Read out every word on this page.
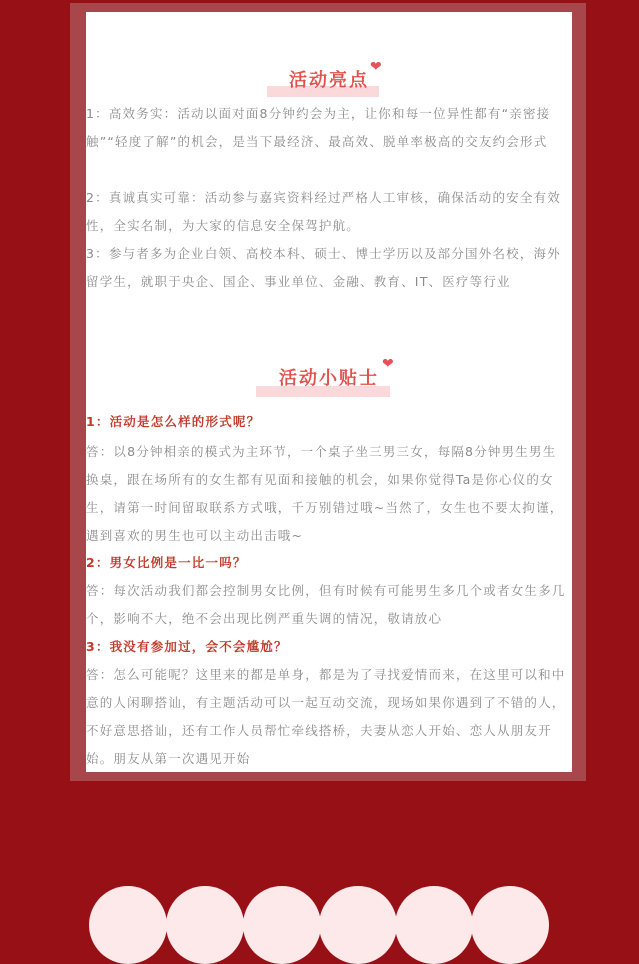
活动亮点
❤
1：高效务实：活动以面对面8分钟约会为主，让你和每一位异性都有“亲密接触”“轻度了解”的机会，是当下最经济、最高效、脱单率极高的交友约会形式
2：真诚真实可靠：活动参与嘉宾资料经过严格人工审核，确保活动的安全有效性，全实名制，为大家的信息安全保驾护航。
3：参与者多为企业白领、高校本科、硕士、博士学历以及部分国外名校，海外留学生，就职于央企、国企、事业单位、金融、教育、IT、医疗等行业
活动小贴士
❤
1：活动是怎么样的形式呢？
答：以8分钟相亲的模式为主环节，一个桌子坐三男三女，每隔8分钟男生男生换桌，跟在场所有的女生都有见面和接触的机会，如果你觉得Ta是你心仪的女生，请第一时间留取联系方式哦，千万别错过哦~当然了，女生也不要太拘谨，遇到喜欢的男生也可以主动出击哦~
2：男女比例是一比一吗？
答：每次活动我们都会控制男女比例，但有时候有可能男生多几个或者女生多几个，影响不大，绝不会出现比例严重失调的情况，敬请放心
3：我没有参加过，会不会尴尬？
答：怎么可能呢？这里来的都是单身，都是为了寻找爱情而来，在这里可以和中意的人闲聊搭讪，有主题活动可以一起互动交流，现场如果你遇到了不错的人，不好意思搭讪，还有工作人员帮忙牵线搭桥，夫妻从恋人开始、恋人从朋友开始。朋友从第一次遇见开始
